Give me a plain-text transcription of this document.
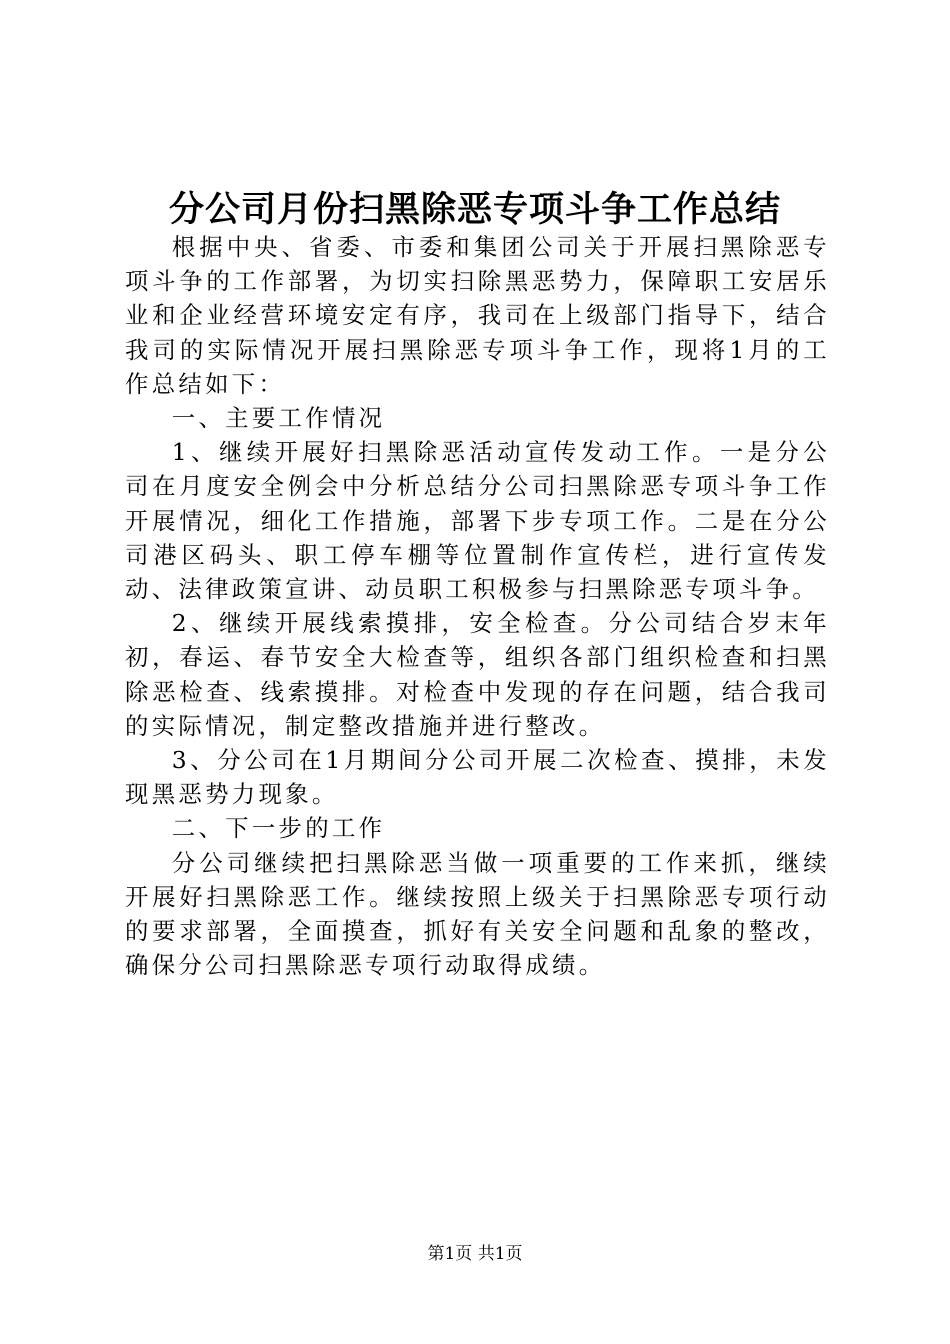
分公司月份扫黑除恶专项斗争工作总结

根据中央、省委、市委和集团公司关于开展扫黑除恶专项斗争的工作部署，为切实扫除黑恶势力，保障职工安居乐业和企业经营环境安定有序，我司在上级部门指导下，结合我司的实际情况开展扫黑除恶专项斗争工作，现将1月的工作总结如下：

一、主要工作情况

1、继续开展好扫黑除恶活动宣传发动工作。一是分公司在月度安全例会中分析总结分公司扫黑除恶专项斗争工作开展情况，细化工作措施，部署下步专项工作。二是在分公司港区码头、职工停车棚等位置制作宣传栏，进行宣传发动、法律政策宣讲、动员职工积极参与扫黑除恶专项斗争。

2、继续开展线索摸排，安全检查。分公司结合岁末年初，春运、春节安全大检查等，组织各部门组织检查和扫黑除恶检查、线索摸排。对检查中发现的存在问题，结合我司的实际情况，制定整改措施并进行整改。

3、分公司在1月期间分公司开展二次检查、摸排，未发现黑恶势力现象。

二、下一步的工作

分公司继续把扫黑除恶当做一项重要的工作来抓，继续开展好扫黑除恶工作。继续按照上级关于扫黑除恶专项行动的要求部署，全面摸查，抓好有关安全问题和乱象的整改，确保分公司扫黑除恶专项行动取得成绩。

第1页 共1页
